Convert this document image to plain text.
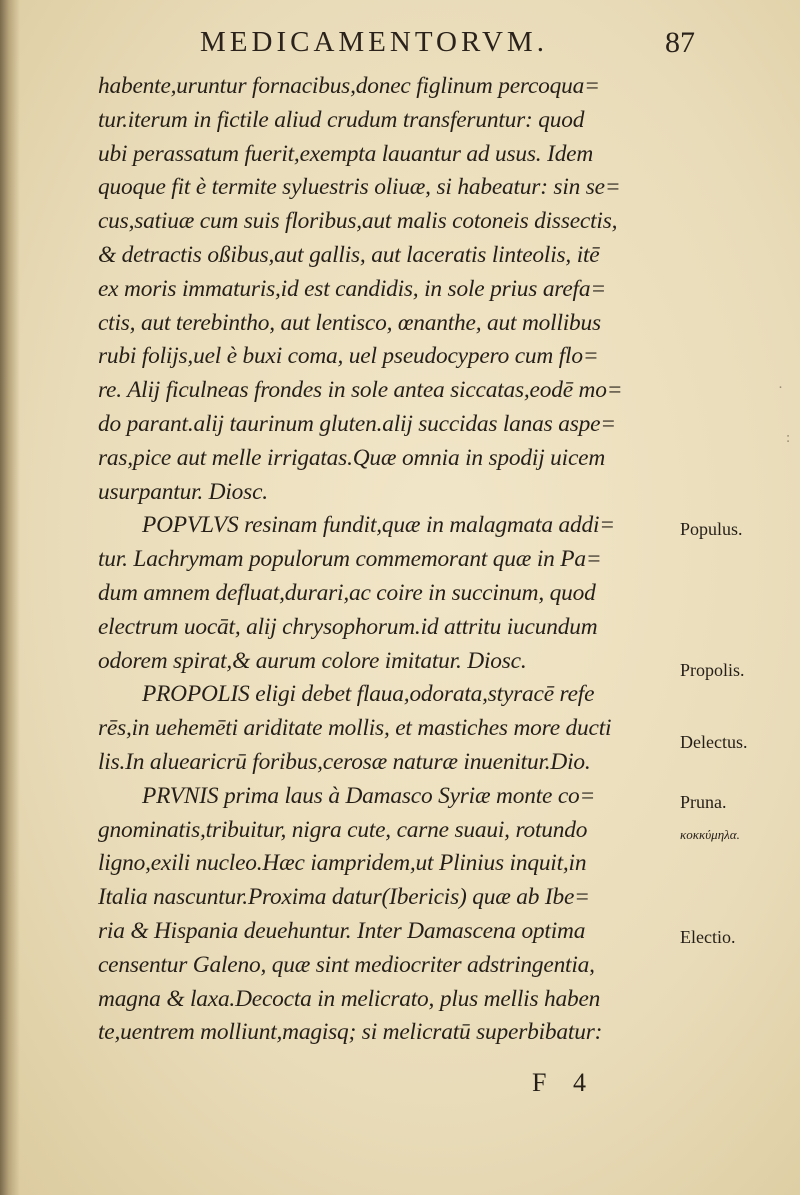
MEDICAMENTORVM.	87
habente,uruntur fornacibus,donec figlinum percoqua=
tur.iterum in fictile aliud crudum transferuntur: quod
ubi perassatum fuerit,exempta lauantur ad usus. Idem
quoque fit è termite syluestris oliuæ, si habeatur: sin se=
cus,satiuæ cum suis floribus,aut malis cotoneis dissectis,
& detractis oßibus,aut gallis, aut laceratis linteolis, itē
ex moris immaturis,id est candidis, in sole prius arefa=
ctis, aut terebintho, aut lentisco, œnanthe, aut mollibus
rubi folijs,uel è buxi coma, uel pseudocypero cum flo=
re. Alij ficulneas frondes in sole antea siccatas,eodē mo=
do parant.alij taurinum gluten.alij succidas lanas aspe=
ras,pice aut melle irrigatas.Quæ omnia in spodij uicem
usurpantur. Diosc.
POPVLVS resinam fundit,quæ in malagmata addi=
tur. Lachrymam populorum commemorant quæ in Pa=
dum amnem defluat,durari,ac coire in succinum, quod
electrum uocāt, alij chrysophorum.id attritu iucundum
odorem spirat,& aurum colore imitatur. Diosc.
PROPOLIS eligi debet flaua,odorata,styracē refe
rēs,in uehemēti ariditate mollis, et mastiches more ducti
lis.In aluearicrū foribus,cerosæ naturæ inuenitur.Dio.
PRVNIS prima laus à Damasco Syriæ monte co=
gnominatis,tribuitur, nigra cute, carne suaui, rotundo
ligno,exili nucleo.Hæc iampridem,ut Plinius inquit,in
Italia nascuntur.Proxima datur(Ibericis) quæ ab Ibe=
ria & Hispania deuehuntur. Inter Damascena optima
censentur Galeno, quæ sint mediocriter adstringentia,
magna & laxa.Decocta in melicrato, plus mellis haben
te,uentrem molliunt,magisq; si melicratū superbibatur:
Populus.
Propolis.
Delectus.
Pruna.
κοκκύμηλα.
Electio.
F 4
·
:
